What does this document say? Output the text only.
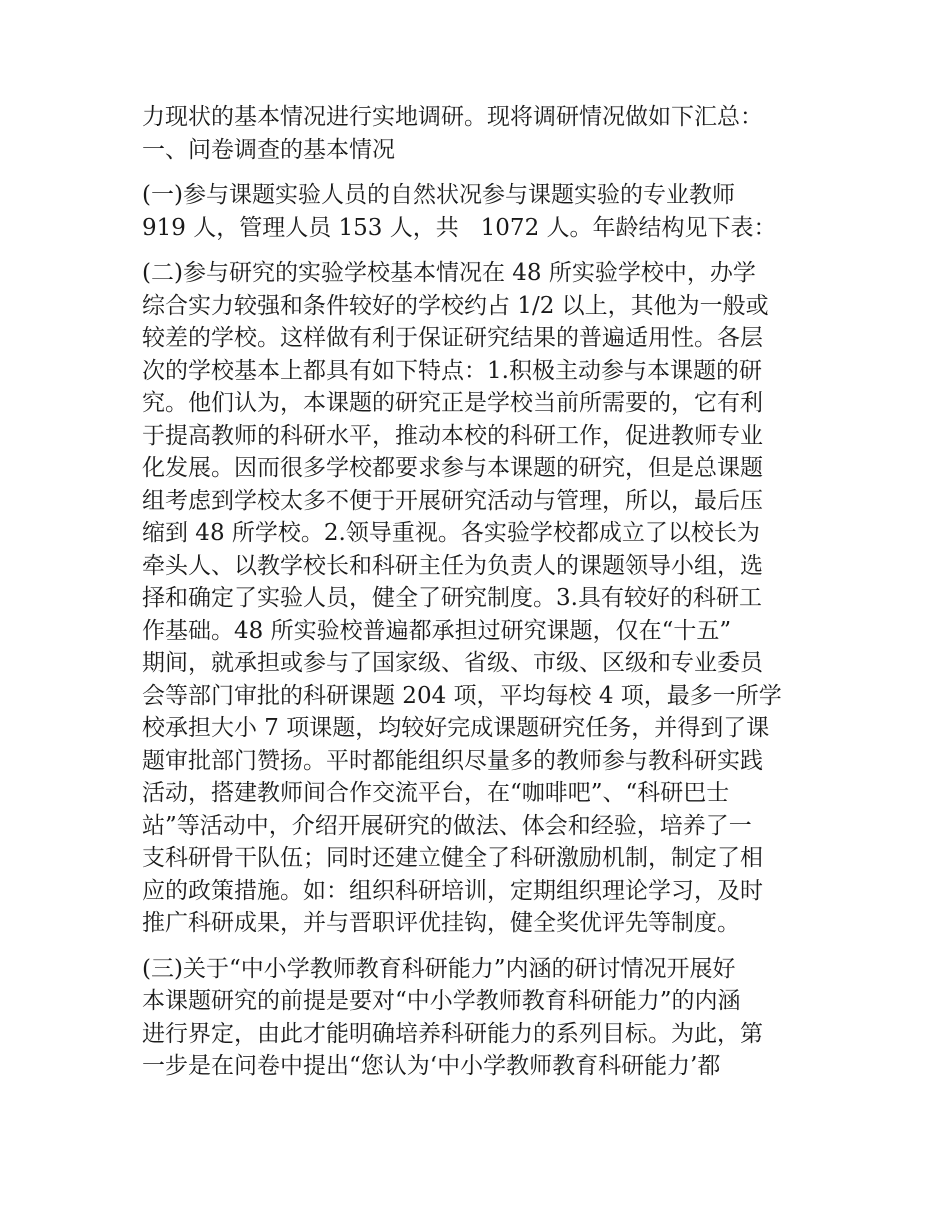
力现状的基本情况进行实地调研。现将调研情况做如下汇总：
一、问卷调查的基本情况

(一)参与课题实验人员的自然状况参与课题实验的专业教师
919 人，管理人员 153 人，共   1072 人。年龄结构见下表：

(二)参与研究的实验学校基本情况在 48 所实验学校中，办学
综合实力较强和条件较好的学校约占 1/2 以上，其他为一般或
较差的学校。这样做有利于保证研究结果的普遍适用性。各层
次的学校基本上都具有如下特点：1.积极主动参与本课题的研
究。他们认为，本课题的研究正是学校当前所需要的，它有利
于提高教师的科研水平，推动本校的科研工作，促进教师专业
化发展。因而很多学校都要求参与本课题的研究，但是总课题
组考虑到学校太多不便于开展研究活动与管理，所以，最后压
缩到 48 所学校。2.领导重视。各实验学校都成立了以校长为
牵头人、以教学校长和科研主任为负责人的课题领导小组，选
择和确定了实验人员，健全了研究制度。3.具有较好的科研工
作基础。48 所实验校普遍都承担过研究课题，仅在“十五”
期间，就承担或参与了国家级、省级、市级、区级和专业委员
会等部门审批的科研课题 204 项，平均每校 4 项，最多一所学
校承担大小 7 项课题，均较好完成课题研究任务，并得到了课
题审批部门赞扬。平时都能组织尽量多的教师参与教科研实践
活动，搭建教师间合作交流平台，在“咖啡吧”、“科研巴士
站”等活动中，介绍开展研究的做法、体会和经验，培养了一
支科研骨干队伍；同时还建立健全了科研激励机制，制定了相
应的政策措施。如：组织科研培训，定期组织理论学习，及时
推广科研成果，并与晋职评优挂钩，健全奖优评先等制度。

(三)关于“中小学教师教育科研能力”内涵的研讨情况开展好
本课题研究的前提是要对“中小学教师教育科研能力”的内涵
进行界定，由此才能明确培养科研能力的系列目标。为此，第
一步是在问卷中提出“您认为‘中小学教师教育科研能力’都
